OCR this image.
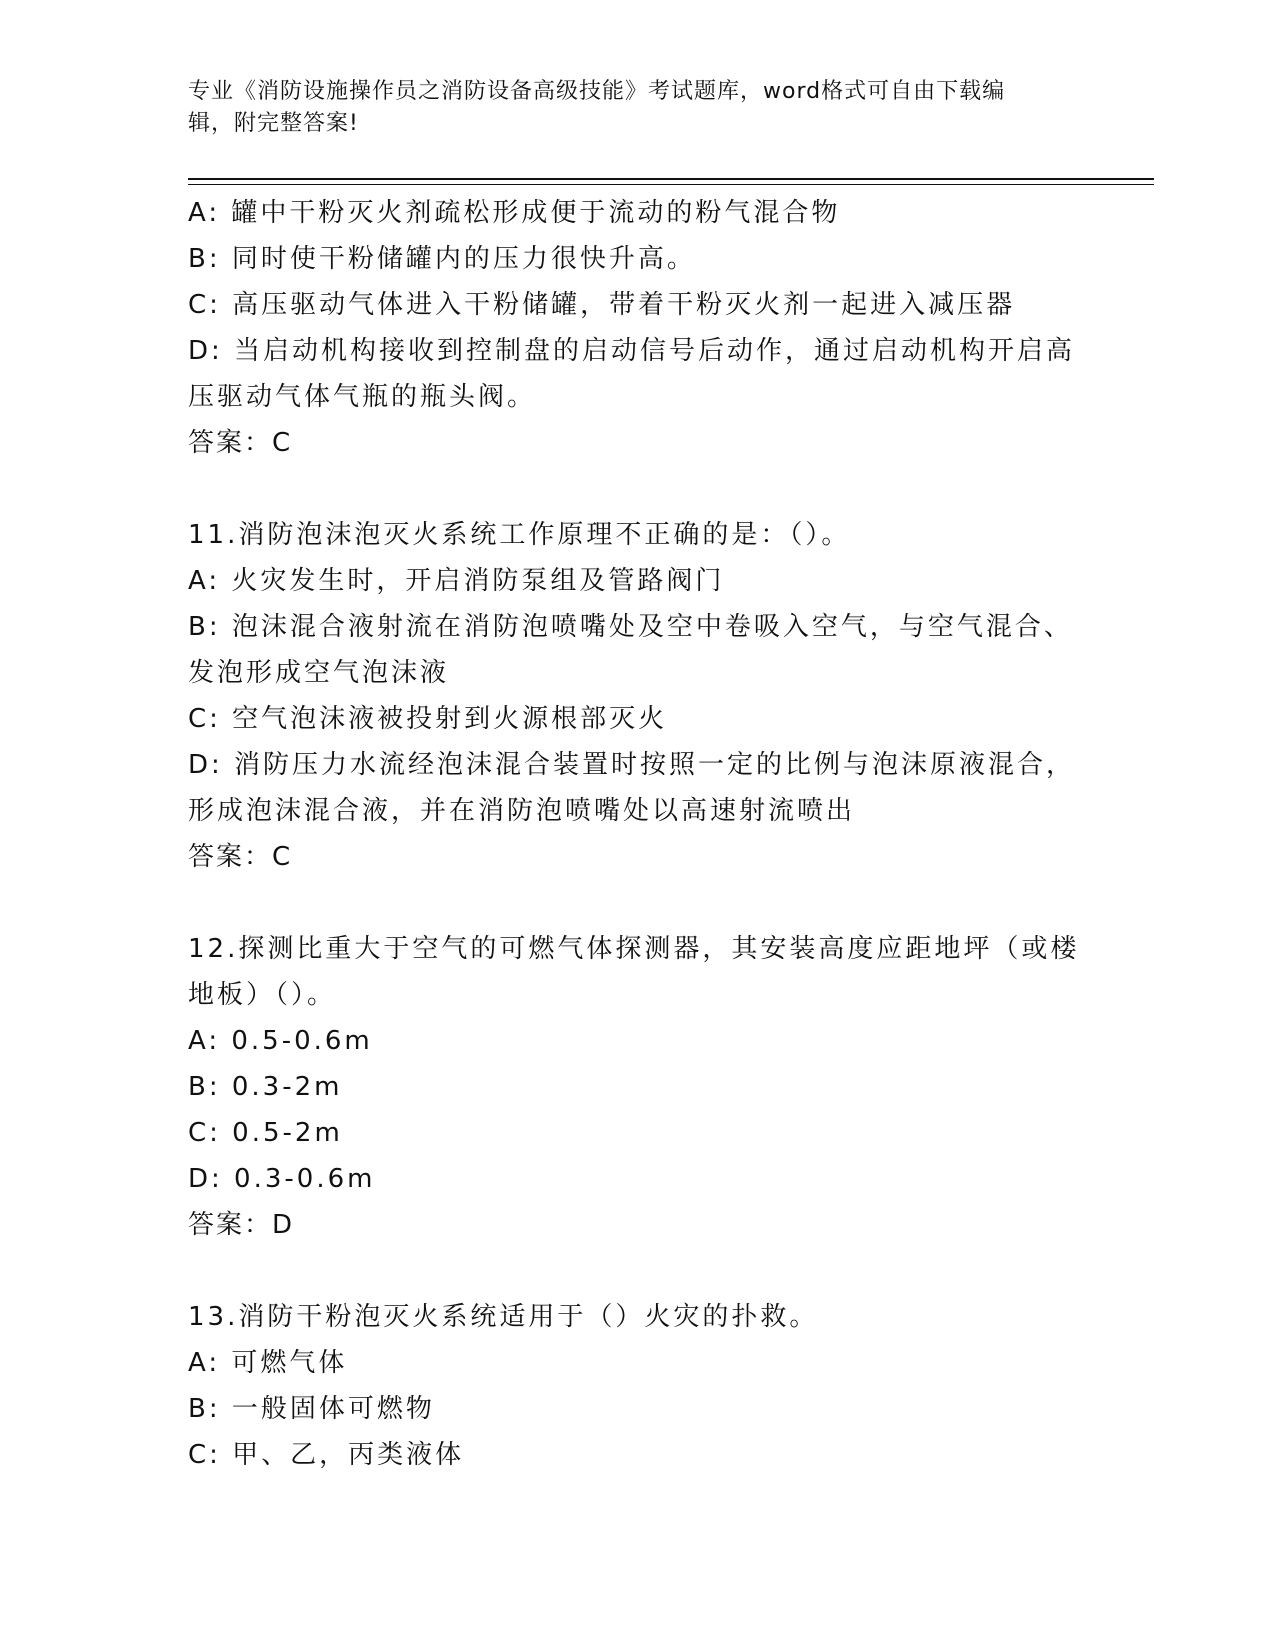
专业《消防设施操作员之消防设备高级技能》考试题库，word格式可自由下载编
辑，附完整答案!
A: 罐中干粉灭火剂疏松形成便于流动的粉气混合物
B: 同时使干粉储罐内的压力很快升高。
C: 高压驱动气体进入干粉储罐，带着干粉灭火剂一起进入减压器
D: 当启动机构接收到控制盘的启动信号后动作，通过启动机构开启高
压驱动气体气瓶的瓶头阀。
答案：C
11.消防泡沫泡灭火系统工作原理不正确的是：（）。
A: 火灾发生时，开启消防泵组及管路阀门
B: 泡沫混合液射流在消防泡喷嘴处及空中卷吸入空气，与空气混合、
发泡形成空气泡沫液
C: 空气泡沫液被投射到火源根部灭火
D: 消防压力水流经泡沫混合装置时按照一定的比例与泡沫原液混合，
形成泡沫混合液，并在消防泡喷嘴处以高速射流喷出
答案：C
12.探测比重大于空气的可燃气体探测器，其安装高度应距地坪（或楼
地板）（）。
A: 0.5-0.6m
B: 0.3-2m
C: 0.5-2m
D: 0.3-0.6m
答案：D
13.消防干粉泡灭火系统适用于（）火灾的扑救。
A: 可燃气体
B: 一般固体可燃物
C: 甲、乙，丙类液体
